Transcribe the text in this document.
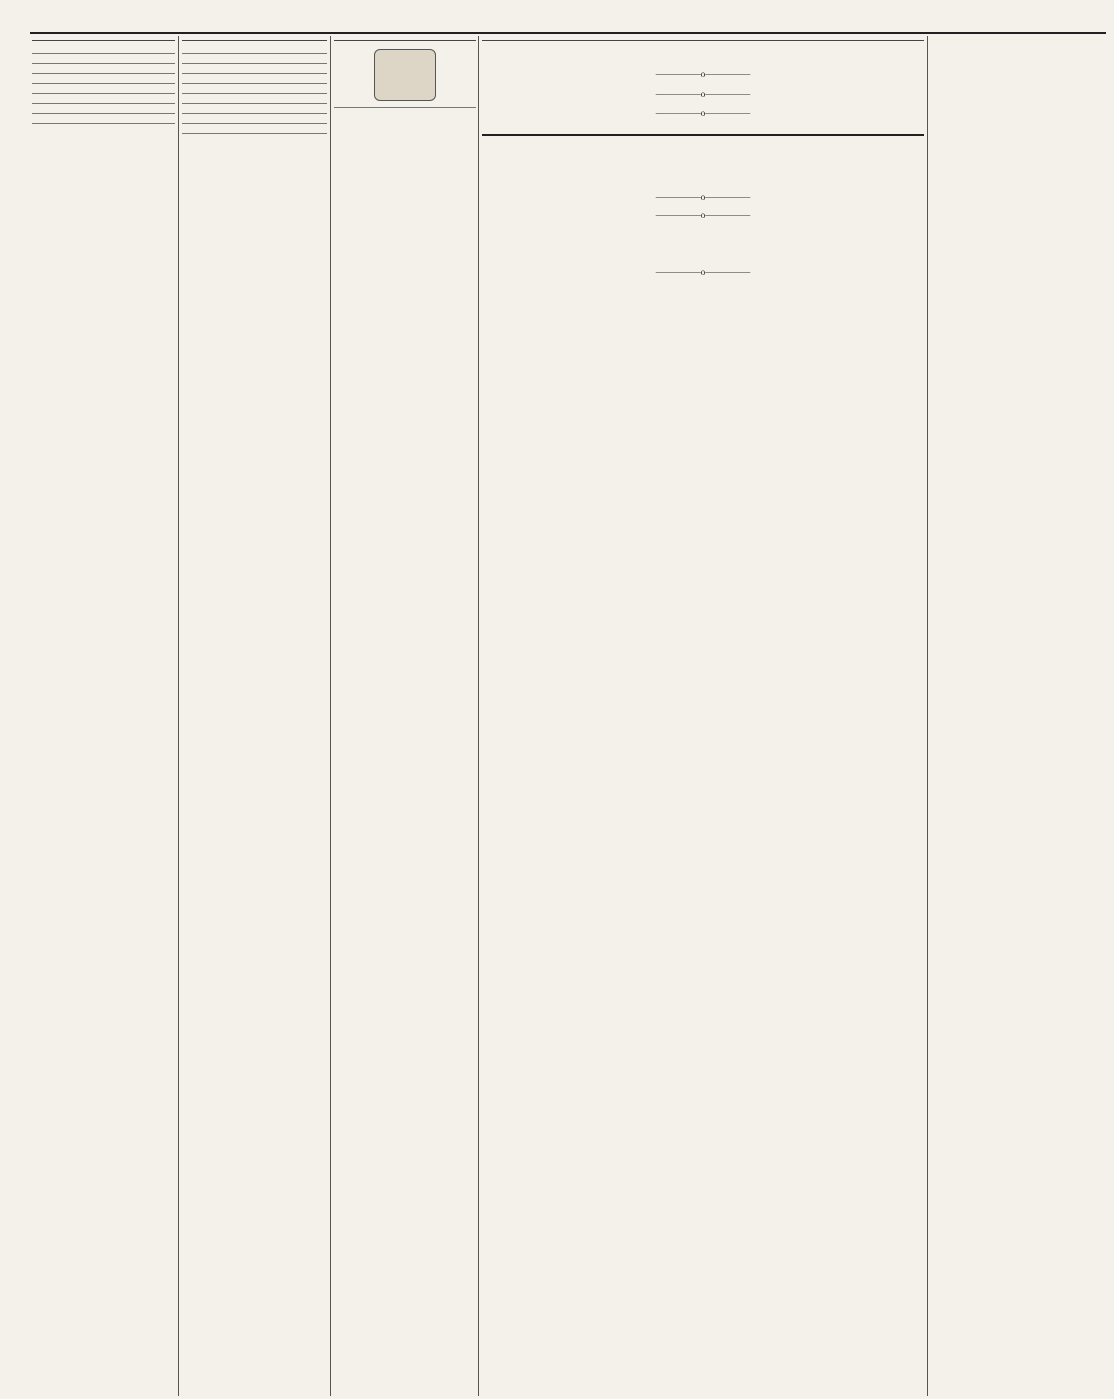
—————o—————
—————o—————
—————o—————

—————o—————
—————o—————

—————o—————
